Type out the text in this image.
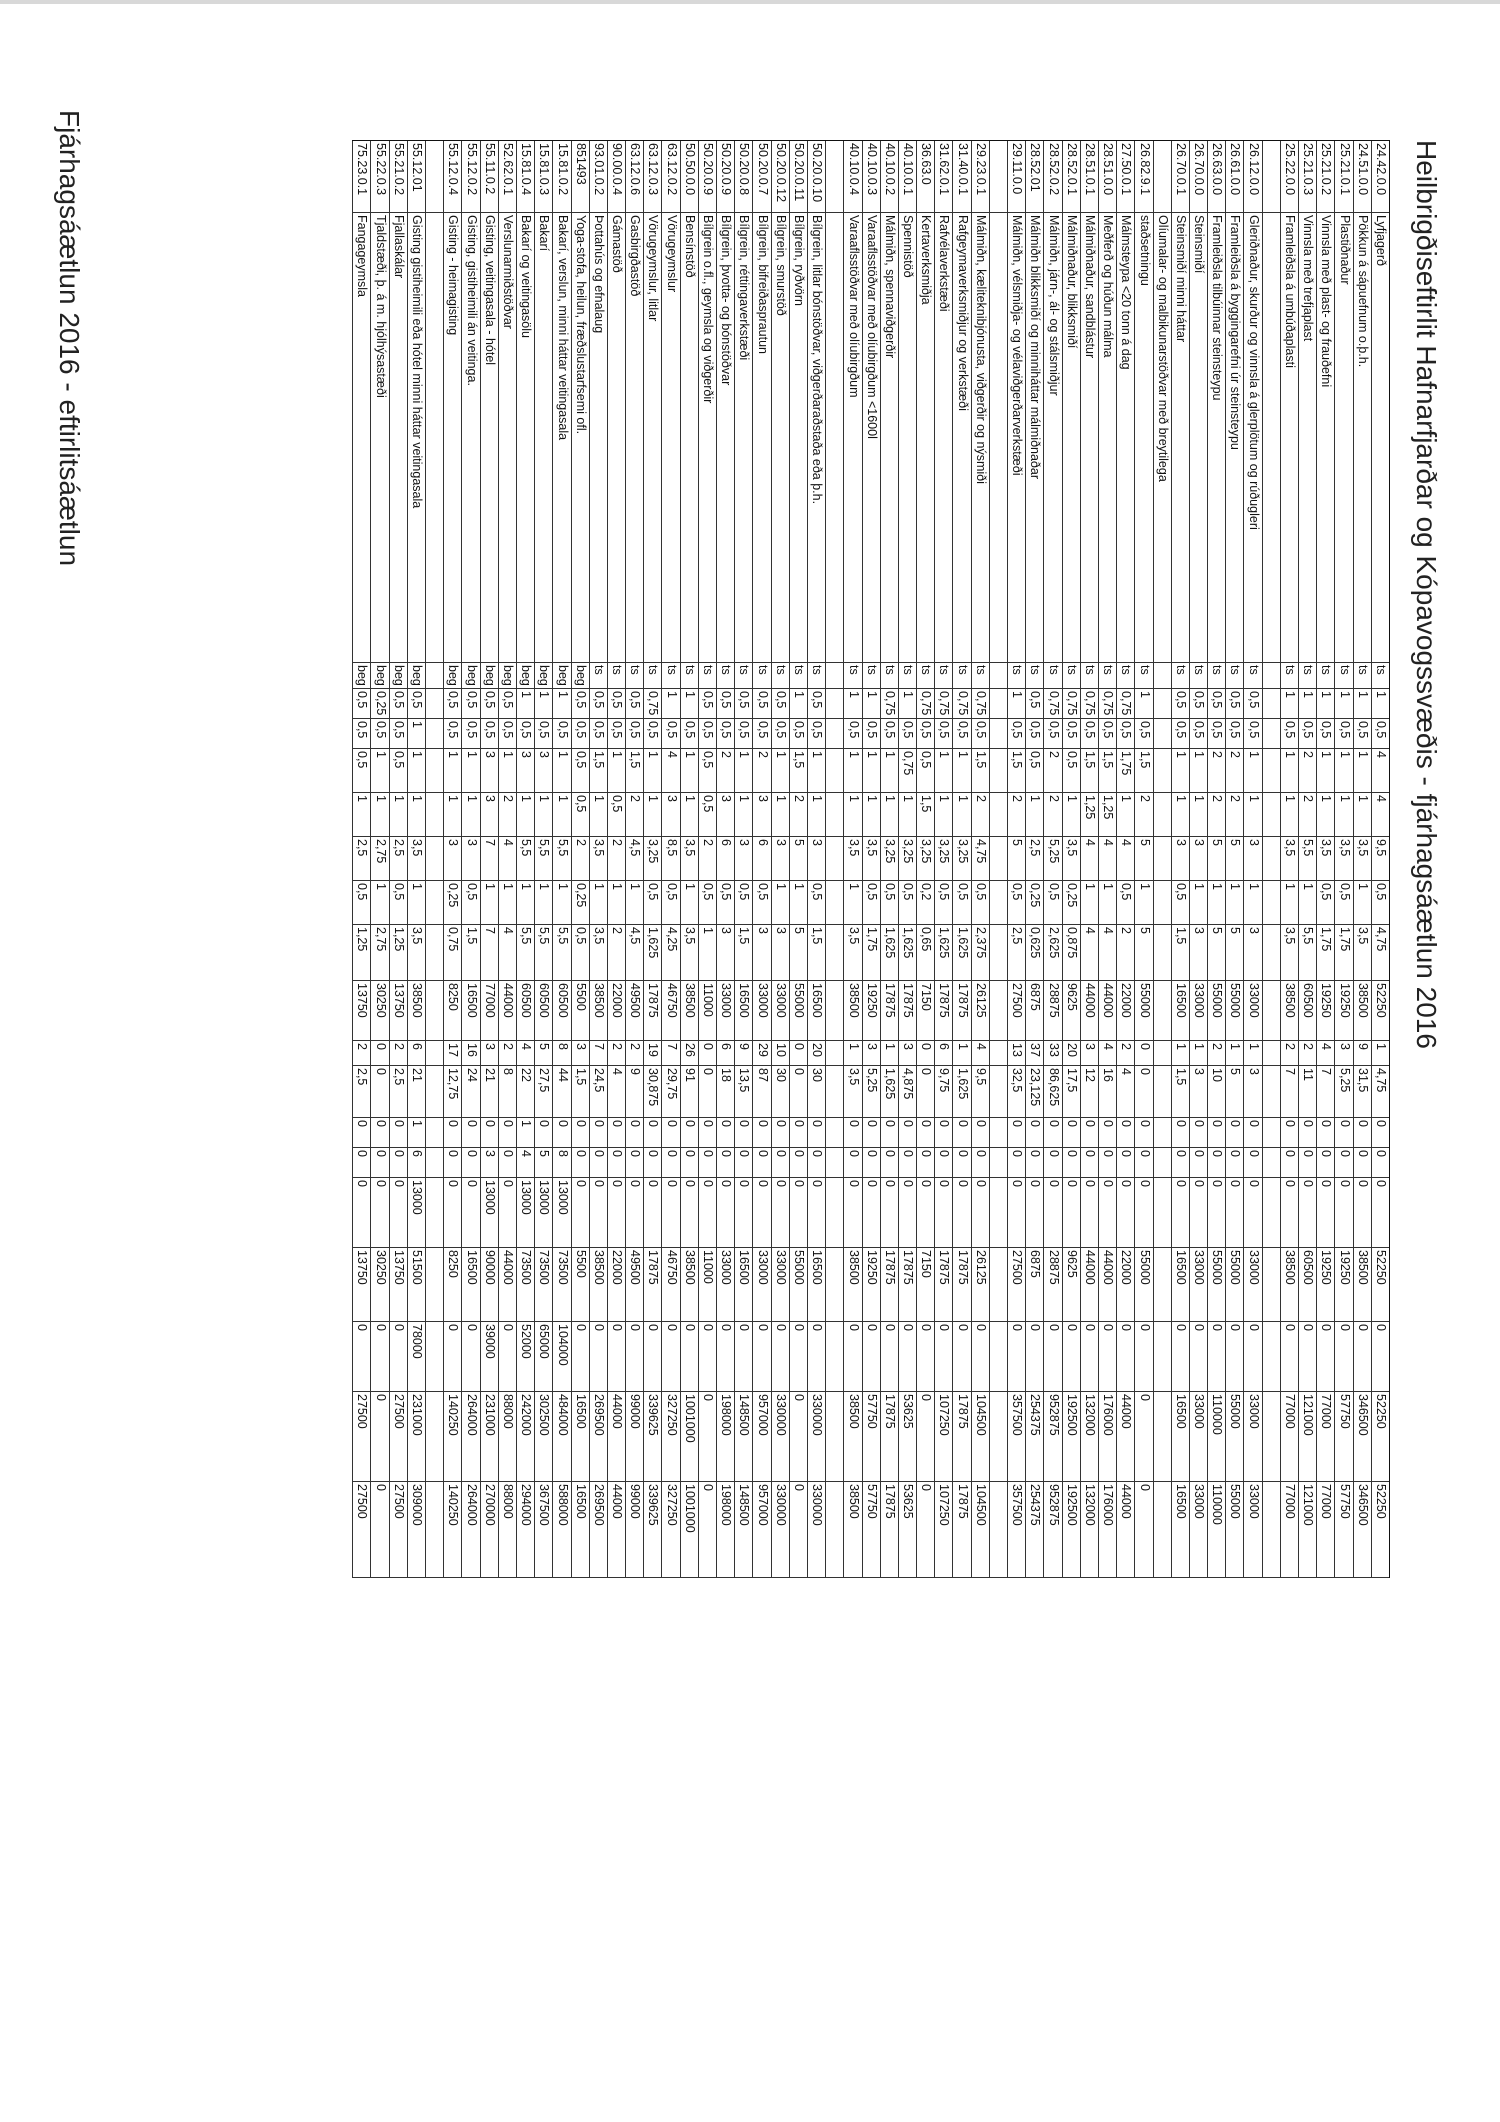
Heilbrigðiseftirlit Hafnarfjarðar og Kópavogssvæðis - fjárhagsáætlun 2016
24.42.0.0
Lyfjagerð
ts
1
0,5
4
4
9,5
0,5
4,75
52250
1
4,75
0
0
0
52250
0
52250
52250
24.51.0.0
Pökkun á sápuefnum o.þ.h.
ts
1
0,5
1
1
3,5
1
3,5
38500
9
31,5
0
0
0
38500
0
346500
346500
25.21.0.1
Plastiðnaður
ts
1
0,5
1
1
3,5
0,5
1,75
19250
3
5,25
0
0
0
19250
0
57750
57750
25.21.0.2
Vinnsla með plast- og frauðefni
ts
1
0,5
1
1
3,5
0,5
1,75
19250
4
7
0
0
0
19250
0
77000
77000
25.21.0.3
Vinnsla með trefjaplast
ts
1
0,5
2
2
5,5
1
5,5
60500
2
11
0
0
0
60500
0
121000
121000
25.22.0.0
Framleiðsla á umbúðaplasti
ts
1
0,5
1
1
3,5
1
3,5
38500
2
7
0
0
0
38500
0
77000
77000
26.12.0.0
Gleriðnaður, skurður og vinnsla á glerplötum og rúðugleri
ts
0,5
0,5
1
1
3
1
3
33000
1
3
0
0
0
33000
0
33000
33000
26.61.0.0
Framleiðsla á byggingarefni úr steinsteypu
ts
0,5
0,5
2
2
5
1
5
55000
1
5
0
0
0
55000
0
55000
55000
26.63.0.0
Framleiðsla tilbúinnar steinsteypu
ts
0,5
0,5
2
2
5
1
5
55000
2
10
0
0
0
55000
0
110000
110000
26.70.0.0
Steinsmiðí
ts
0,5
0,5
1
1
3
1
3
33000
1
3
0
0
0
33000
0
33000
33000
26.70.0.1
Steinsmiðí minni háttar
ts
0,5
0,5
1
1
3
0,5
1,5
16500
1
1,5
0
0
0
16500
0
16500
16500
Olíumalar- og malbikunarstöðvar með breytilega
26.82.9.1
staðsetningu
ts
1
0,5
1,5
2
5
1
5
55000
0
0
0
0
0
55000
0
0
0
27.50.0.1
Málmsteypa <20 tonn á dag
ts
0,75
0,5
1,75
1
4
0,5
2
22000
2
4
0
0
0
22000
0
44000
44000
28.51.0.0
Meðferð og húðun málma
ts
0,75
0,5
1,5
1,25
4
1
4
44000
4
16
0
0
0
44000
0
176000
176000
28.51.0.1
Málmiðnaður, sandblástur
ts
0,75
0,5
1,5
1,25
4
1
4
44000
3
12
0
0
0
44000
0
132000
132000
28.52.0.1
Málmiðnaður, blikksmiðí
ts
0,75
0,5
0,5
1
3,5
0,25
0,875
9625
20
17,5
0
0
0
9625
0
192500
192500
28.52.0.2
Málmiðn, járn-, ál- og stálsmiðjur
ts
0,75
0,5
2
2
5,25
0,5
2,625
28875
33
86,625
0
0
0
28875
0
952875
952875
28.52.01
Málmiðn blikksmiðí og minniháttar málmiðnaðar
ts
0,5
0,5
0,5
1
2,5
0,25
0,625
6875
37
23,125
0
0
0
6875
0
254375
254375
29.11.0.0
Málmiðn, vélsmiðja- og vélaviðgerðarverkstæði
ts
1
0,5
1,5
2
5
0,5
2,5
27500
13
32,5
0
0
0
27500
0
357500
357500
29.23.0.1
Málmiðn, kæliteknibjónusta, viðgerðir og nýsmiði
ts
0,75
0,5
1,5
2
4,75
0,5
2,375
26125
4
9,5
0
0
0
26125
0
104500
104500
31.40.0.1
Rafgeymaverksmiðjur og verkstæði
ts
0,75
0,5
1
1
3,25
0,5
1,625
17875
1
1,625
0
0
0
17875
0
17875
17875
31.62.0.1
Rafvélaverkstæði
ts
0,75
0,5
1
1
3,25
0,5
1,625
17875
6
9,75
0
0
0
17875
0
107250
107250
36.63.0
Kertaverksmiðja
ts
0,75
0,5
0,5
1,5
3,25
0,2
0,65
7150
0
0
0
0
0
7150
0
0
0
40.10.0.1
Spennistöð
ts
1
0,5
0,75
1
3,25
0,5
1,625
17875
3
4,875
0
0
0
17875
0
53625
53625
40.10.0.2
Málmiðn, spennaviðgerðir
ts
0,75
0,5
1
1
3,25
0,5
1,625
17875
1
1,625
0
0
0
17875
0
17875
17875
40.10.0.3
Varaaflsstöðvar með olíubirgðum <1600l
ts
1
0,5
1
1
3,5
0,5
1,75
19250
3
5,25
0
0
0
19250
0
57750
57750
40.10.0.4
Varaaflsstöðvar með olíubirgðum
ts
1
0,5
1
1
3,5
1
3,5
38500
1
3,5
0
0
0
38500
0
38500
38500
50.20.0.10
Bílgrein, litlar bónstöðvar, viðgerðaraðstaða eða þ.h.
ts
0,5
0,5
1
1
3
0,5
1,5
16500
20
30
0
0
0
16500
0
330000
330000
50.20.0.11
Bílgrein, ryðvörn
ts
1
0,5
1,5
2
5
1
5
55000
0
0
0
0
0
55000
0
0
0
50.20.0.12
Bílgrein, smurstöð
ts
0,5
0,5
1
1
3
1
3
33000
10
30
0
0
0
33000
0
330000
330000
50.20.0.7
Bílgrein, bifreiðasprautun
ts
0,5
0,5
2
3
6
0,5
3
33000
29
87
0
0
0
33000
0
957000
957000
50.20.0.8
Bílgrein, réttingaverkstæði
ts
0,5
0,5
1
1
3
0,5
1,5
16500
9
13,5
0
0
0
16500
0
148500
148500
50.20.0.9
Bílgrein, þvotta- og bónstöðvar
ts
0,5
0,5
2
3
6
0,5
3
33000
6
18
0
0
0
33000
0
198000
198000
50.20.0.9
Bílgrein o.fl., geymsla og viðgerðir
ts
0,5
0,5
0,5
0,5
2
0,5
1
11000
0
0
0
0
0
11000
0
0
0
50.50.0.0
Bensínstöð
ts
1
0,5
1
1
3,5
1
3,5
38500
26
91
0
0
0
38500
0
1001000
1001000
63.12.0.2
Vörugeymslur
ts
1
0,5
4
3
8,5
0,5
4,25
46750
7
29,75
0
0
0
46750
0
327250
327250
63.12.0.3
Vörugeymslur, litlar
ts
0,75
0,5
1
1
3,25
0,5
1,625
17875
19
30,875
0
0
0
17875
0
339625
339625
63.12.0.6
Gasbirgðastöð
ts
0,5
0,5
1,5
2
4,5
1
4,5
49500
2
9
0
0
0
49500
0
99000
99000
90.00.0.4
Gámastöð
ts
0,5
0,5
1
0,5
2
1
2
22000
2
4
0
0
0
22000
0
44000
44000
93.01.0.2
Þottahús og efnalaug
ts
0,5
0,5
1,5
1
3,5
1
3,5
38500
7
24,5
0
0
0
38500
0
269500
269500
851493
Yoga-stofa, heilun, fræðslustarfsemi ofl.
beg
0,5
0,5
0,5
0,5
2
0,25
0,5
5500
3
1,5
0
0
0
5500
0
16500
16500
15.81.0.2
Bakarí, verslun, minni háttar veitingasala
beg
1
0,5
1
1
5,5
1
5,5
60500
8
44
0
8
13000
73500
104000
484000
588000
15.81.0.3
Bakarí
beg
1
0,5
3
1
5,5
1
5,5
60500
5
27,5
0
5
13000
73500
65000
302500
367500
15.81.0.4
Bakarí og veitingasölu
beg
1
0,5
3
1
5,5
1
5,5
60500
4
22
1
4
13000
73500
52000
242000
294000
52.62.0.1
Verslunarmiðstöðvar
beg
0,5
0,5
1
2
4
1
4
44000
2
8
0
0
0
44000
0
88000
88000
55.11.0.2
Gisting, veitingasala - hótel
beg
0,5
0,5
3
3
7
1
7
77000
3
21
0
3
13000
90000
39000
231000
270000
55.12.0.2
Gisting, gistiheimili án veitinga.
beg
0,5
0,5
1
1
3
0,5
1,5
16500
16
24
0
0
0
16500
0
264000
264000
55.12.0.4
Gisting - heimagisting
beg
0,5
0,5
1
1
3
0,25
0,75
8250
17
12,75
0
0
0
8250
0
140250
140250
55.12.01
Gisting gistiheimili eða hótel minni háttar veitingasala
beg
0,5
1
1
1
3,5
1
3,5
38500
6
21
1
6
13000
51500
78000
231000
309000
55.21.0.2
Fjallaskálar
beg
0,5
0,5
0,5
1
2,5
0,5
1,25
13750
2
2,5
0
0
0
13750
0
27500
27500
55.22.0.3
Tjaldstæði, þ. á m. hjólhýsastæði
beg
0,25
0,5
1
1
2,75
1
2,75
30250
0
0
0
0
0
30250
0
0
0
75.23.0.1
Fangageymsla
beg
0,5
0,5
0,5
1
2,5
0,5
1,25
13750
2
2,5
0
0
0
13750
0
27500
27500
Fjárhagsáætlun 2016 - eftirlitsáætlun
